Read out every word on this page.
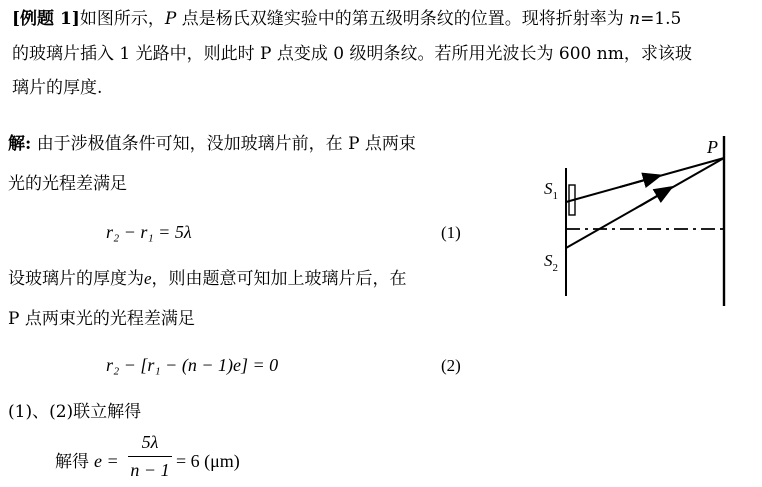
[例题 1]如图所示，P 点是杨氏双缝实验中的第五级明条纹的位置。现将折射率为 n=1.5
的玻璃片插入 1 光路中，则此时 P 点变成 0 级明条纹。若所用光波长为 600 nm，求该玻
璃片的厚度.
解: 由于涉极值条件可知，没加玻璃片前，在 P 点两束
光的光程差满足
r₂ − r₁ = 5λ	(1)
设玻璃片的厚度为e，则由题意可知加上玻璃片后，在
P 点两束光的光程差满足
r₂ − [r₁ − (n − 1)e] = 0	(2)
(1)、(2)联立解得
解得 e =
5λ
n − 1 = 6 (μm)
P
$S_1$
$S_2$
